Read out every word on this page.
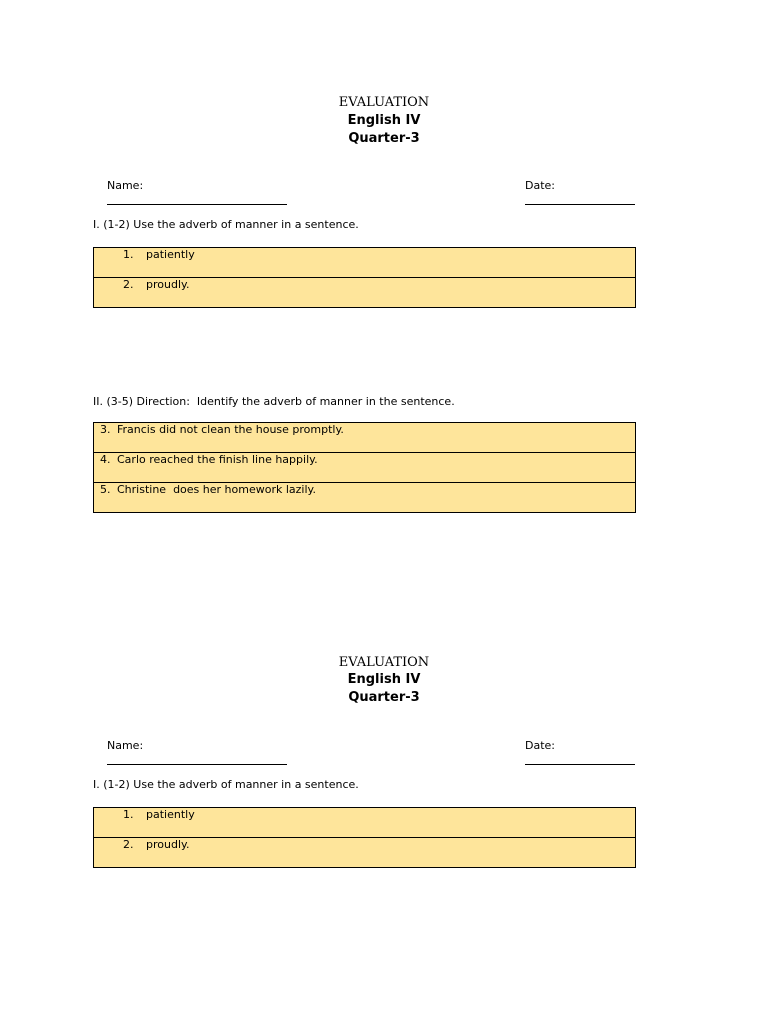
EVALUATION
English IV
Quarter-3

Name:

	Date:

I. (1-2) Use the adverb of manner in a sentence.
1. patiently
2. proudly.
II. (3-5) Direction:  Identify the adverb of manner in the sentence.
3. Francis did not clean the house promptly.
4. Carlo reached the finish line happily.
5. Christine  does her homework lazily.
EVALUATION
English IV
Quarter-3

Name:

	Date:

I. (1-2) Use the adverb of manner in a sentence.
1. patiently
2. proudly.
